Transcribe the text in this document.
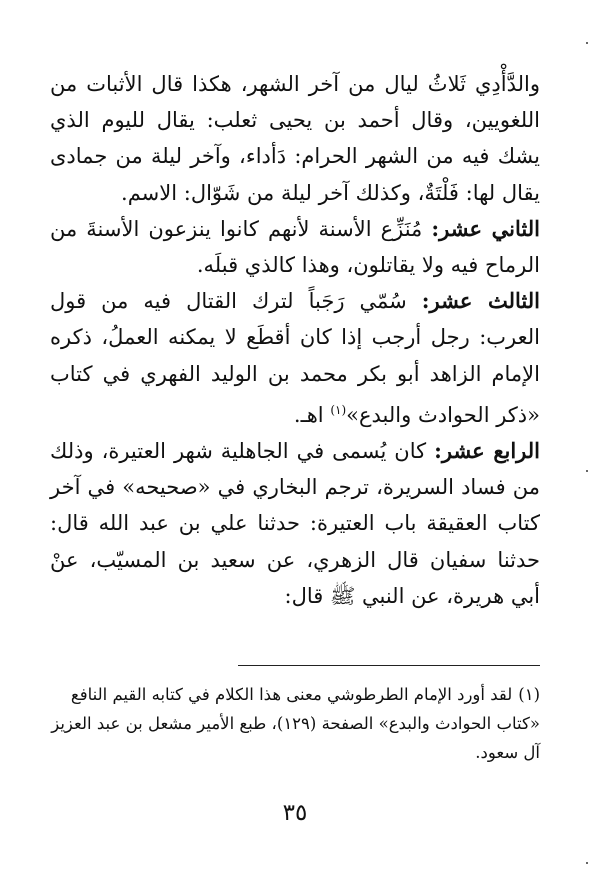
والدَّأْدِي ثَلاثُ ليال من آخر الشهر، هكذا قال الأثبات من اللغويين، وقال أحمد بن يحيى ثعلب: يقال لليوم الذي يشك فيه من الشهر الحرام: دَأداء، وآخر ليلة من جمادى يقال لها: فَلْتَةٌ، وكذلك آخر ليلة من شَوّال: الاسم.

الثاني عشر: مُنَزِّع الأسنة لأنهم كانوا ينزعون الأسنةَ من الرماح فيه ولا يقاتلون، وهذا كالذي قبلَه.

الثالث عشر: سُمّي رَجَباً لترك القتال فيه من قول العرب: رجل أرجب إذا كان أقطَع لا يمكنه العملُ، ذكره الإمام الزاهد أبو بكر محمد بن الوليد الفهري في كتاب «ذكر الحوادث والبدع»$^{(١)}$ اهـ.

الرابع عشر: كان يُسمى في الجاهلية شهر العتيرة، وذلك من فساد السريرة، ترجم البخاري في «صحيحه» في آخر كتاب العقيقة باب العتيرة: حدثنا علي بن عبد الله قال: حدثنا سفيان قال الزهري، عن سعيد بن المسيّب، عنْ أبي هريرة، عن النبي ﷺ قال:

(١)لقد أورد الإمام الطرطوشي معنى هذا الكلام في كتابه القيم النافع «كتاب الحوادث والبدع» الصفحة (١٢٩)، طبع الأمير مشعل بن عبد العزيز آل سعود.
٣٥
